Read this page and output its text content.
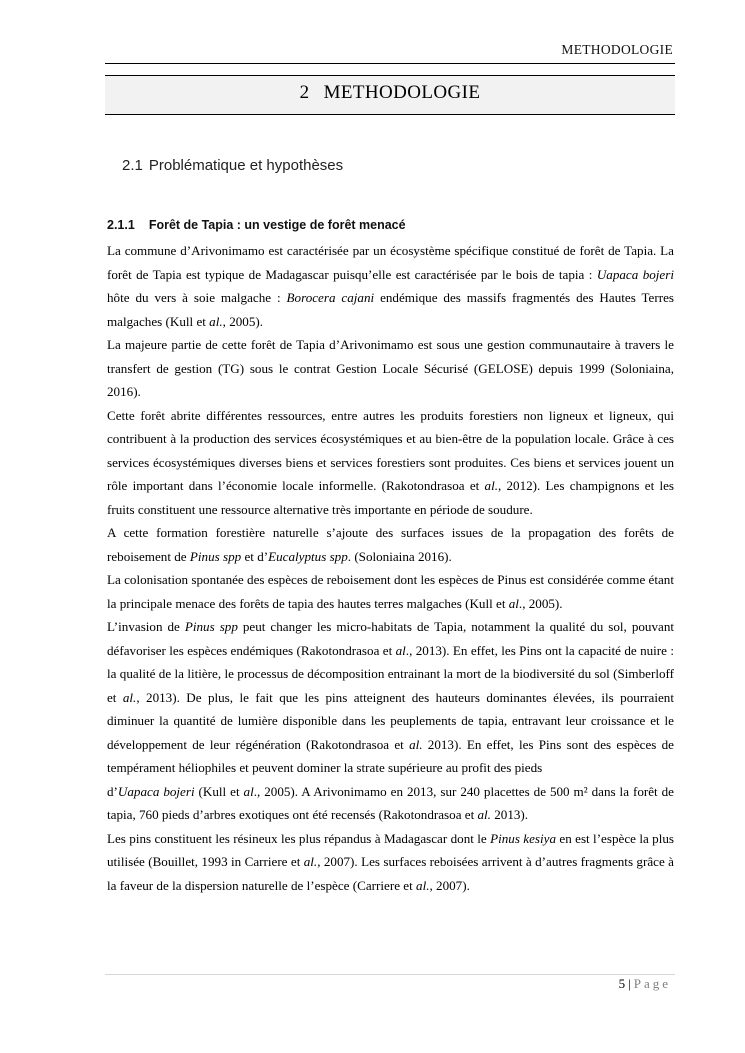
METHODOLOGIE
2 METHODOLOGIE
2.1 Problématique et hypothèses
2.1.1 Forêt de Tapia : un vestige de forêt menacé

La commune d’Arivonimamo est caractérisée par un écosystème spécifique constitué de forêt de Tapia. La forêt de Tapia est typique de Madagascar puisqu’elle est caractérisée par le bois de tapia : Uapaca bojeri hôte du vers à soie malgache : Borocera cajani endémique des massifs fragmentés des Hautes Terres malgaches (Kull et al., 2005).

La majeure partie de cette forêt de Tapia d’Arivonimamo est sous une gestion communautaire à travers le transfert de gestion (TG) sous le contrat Gestion Locale Sécurisé (GELOSE) depuis 1999 (Soloniaina, 2016).

Cette forêt abrite différentes ressources, entre autres les produits forestiers non ligneux et ligneux, qui contribuent à la production des services écosystémiques et au bien-être de la population locale. Grâce à ces services écosystémiques diverses biens et services forestiers sont produites. Ces biens et services jouent un rôle important dans l’économie locale informelle. (Rakotondrasoa et al., 2012). Les champignons et les fruits constituent une ressource alternative très importante en période de soudure.

A cette formation forestière naturelle s’ajoute des surfaces issues de la propagation des forêts de reboisement de Pinus spp et d’Eucalyptus spp. (Soloniaina 2016).

La colonisation spontanée des espèces de reboisement dont les espèces de Pinus est considérée comme étant la principale menace des forêts de tapia des hautes terres malgaches (Kull et al., 2005).

L’invasion de Pinus spp peut changer les micro-habitats de Tapia, notamment la qualité du sol, pouvant défavoriser les espèces endémiques (Rakotondrasoa et al., 2013). En effet, les Pins ont la capacité de nuire : la qualité de la litière, le processus de décomposition entrainant la mort de la biodiversité du sol (Simberloff et al., 2013). De plus, le fait que les pins atteignent des hauteurs dominantes élevées, ils pourraient diminuer la quantité de lumière disponible dans les peuplements de tapia, entravant leur croissance et le développement de leur régénération (Rakotondrasoa et al. 2013). En effet, les Pins sont des espèces de tempérament héliophiles et peuvent dominer la strate supérieure au profit des pieds

d’Uapaca bojeri (Kull et al., 2005). A Arivonimamo en 2013, sur 240 placettes de 500 m² dans la forêt de tapia, 760 pieds d’arbres exotiques ont été recensés (Rakotondrasoa et al. 2013).

Les pins constituent les résineux les plus répandus à Madagascar dont le Pinus kesiya en est l’espèce la plus utilisée (Bouillet, 1993 in Carriere et al., 2007). Les surfaces reboisées arrivent à d’autres fragments grâce à la faveur de la dispersion naturelle de l’espèce (Carriere et al., 2007).

5 | Page
